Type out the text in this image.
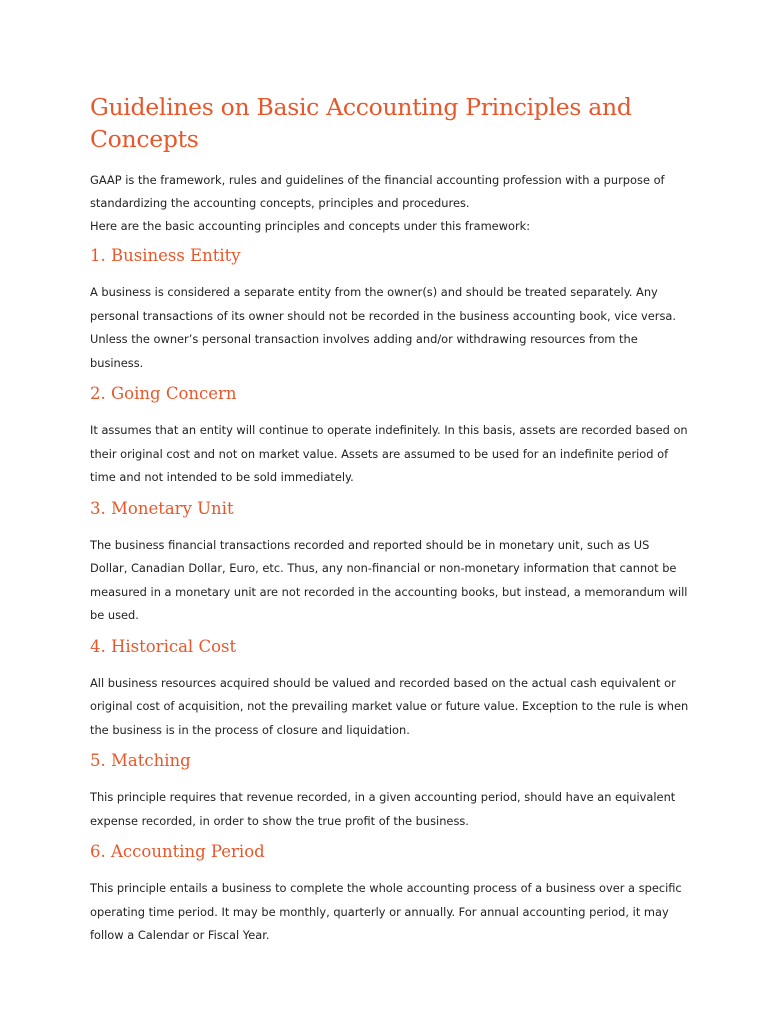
Guidelines on Basic Accounting Principles and Concepts

GAAP is the framework, rules and guidelines of the financial accounting profession with a purpose of standardizing the accounting concepts, principles and procedures.

Here are the basic accounting principles and concepts under this framework:

1. Business Entity

A business is considered a separate entity from the owner(s) and should be treated separately. Any personal transactions of its owner should not be recorded in the business accounting book, vice versa. Unless the owner’s personal transaction involves adding and/or withdrawing resources from the business.

2. Going Concern

It assumes that an entity will continue to operate indefinitely. In this basis, assets are recorded based on their original cost and not on market value. Assets are assumed to be used for an indefinite period of time and not intended to be sold immediately.

3. Monetary Unit

The business financial transactions recorded and reported should be in monetary unit, such as US Dollar, Canadian Dollar, Euro, etc. Thus, any non-financial or non-monetary information that cannot be measured in a monetary unit are not recorded in the accounting books, but instead, a memorandum will be used.

4. Historical Cost

All business resources acquired should be valued and recorded based on the actual cash equivalent or original cost of acquisition, not the prevailing market value or future value. Exception to the rule is when the business is in the process of closure and liquidation.

5. Matching

This principle requires that revenue recorded, in a given accounting period, should have an equivalent expense recorded, in order to show the true profit of the business.

6. Accounting Period

This principle entails a business to complete the whole accounting process of a business over a specific operating time period. It may be monthly, quarterly or annually. For annual accounting period, it may follow a Calendar or Fiscal Year.
